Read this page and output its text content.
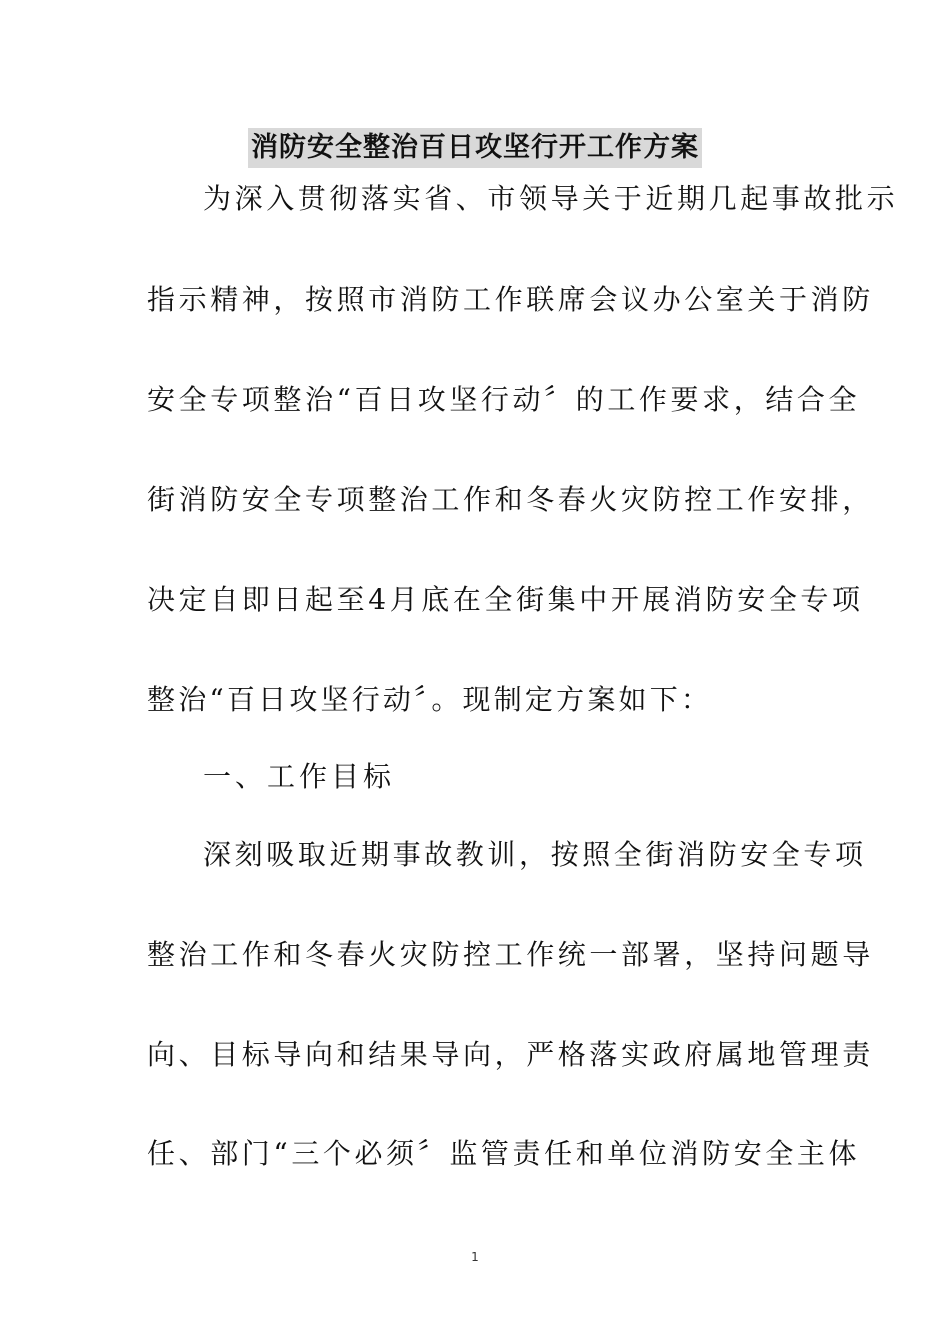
消防安全整治百日攻坚行开工作方案
为深入贯彻落实省、市领导关于近期几起事故批示
指示精神，按照市消防工作联席会议办公室关于消防
安全专项整治“百日攻坚行动〞的工作要求，结合全
街消防安全专项整治工作和冬春火灾防控工作安排，
决定自即日起至4月底在全街集中开展消防安全专项
整治“百日攻坚行动〞。现制定方案如下：
一、工作目标
深刻吸取近期事故教训，按照全街消防安全专项
整治工作和冬春火灾防控工作统一部署，坚持问题导
向、目标导向和结果导向，严格落实政府属地管理责
任、部门“三个必须〞监管责任和单位消防安全主体
1
